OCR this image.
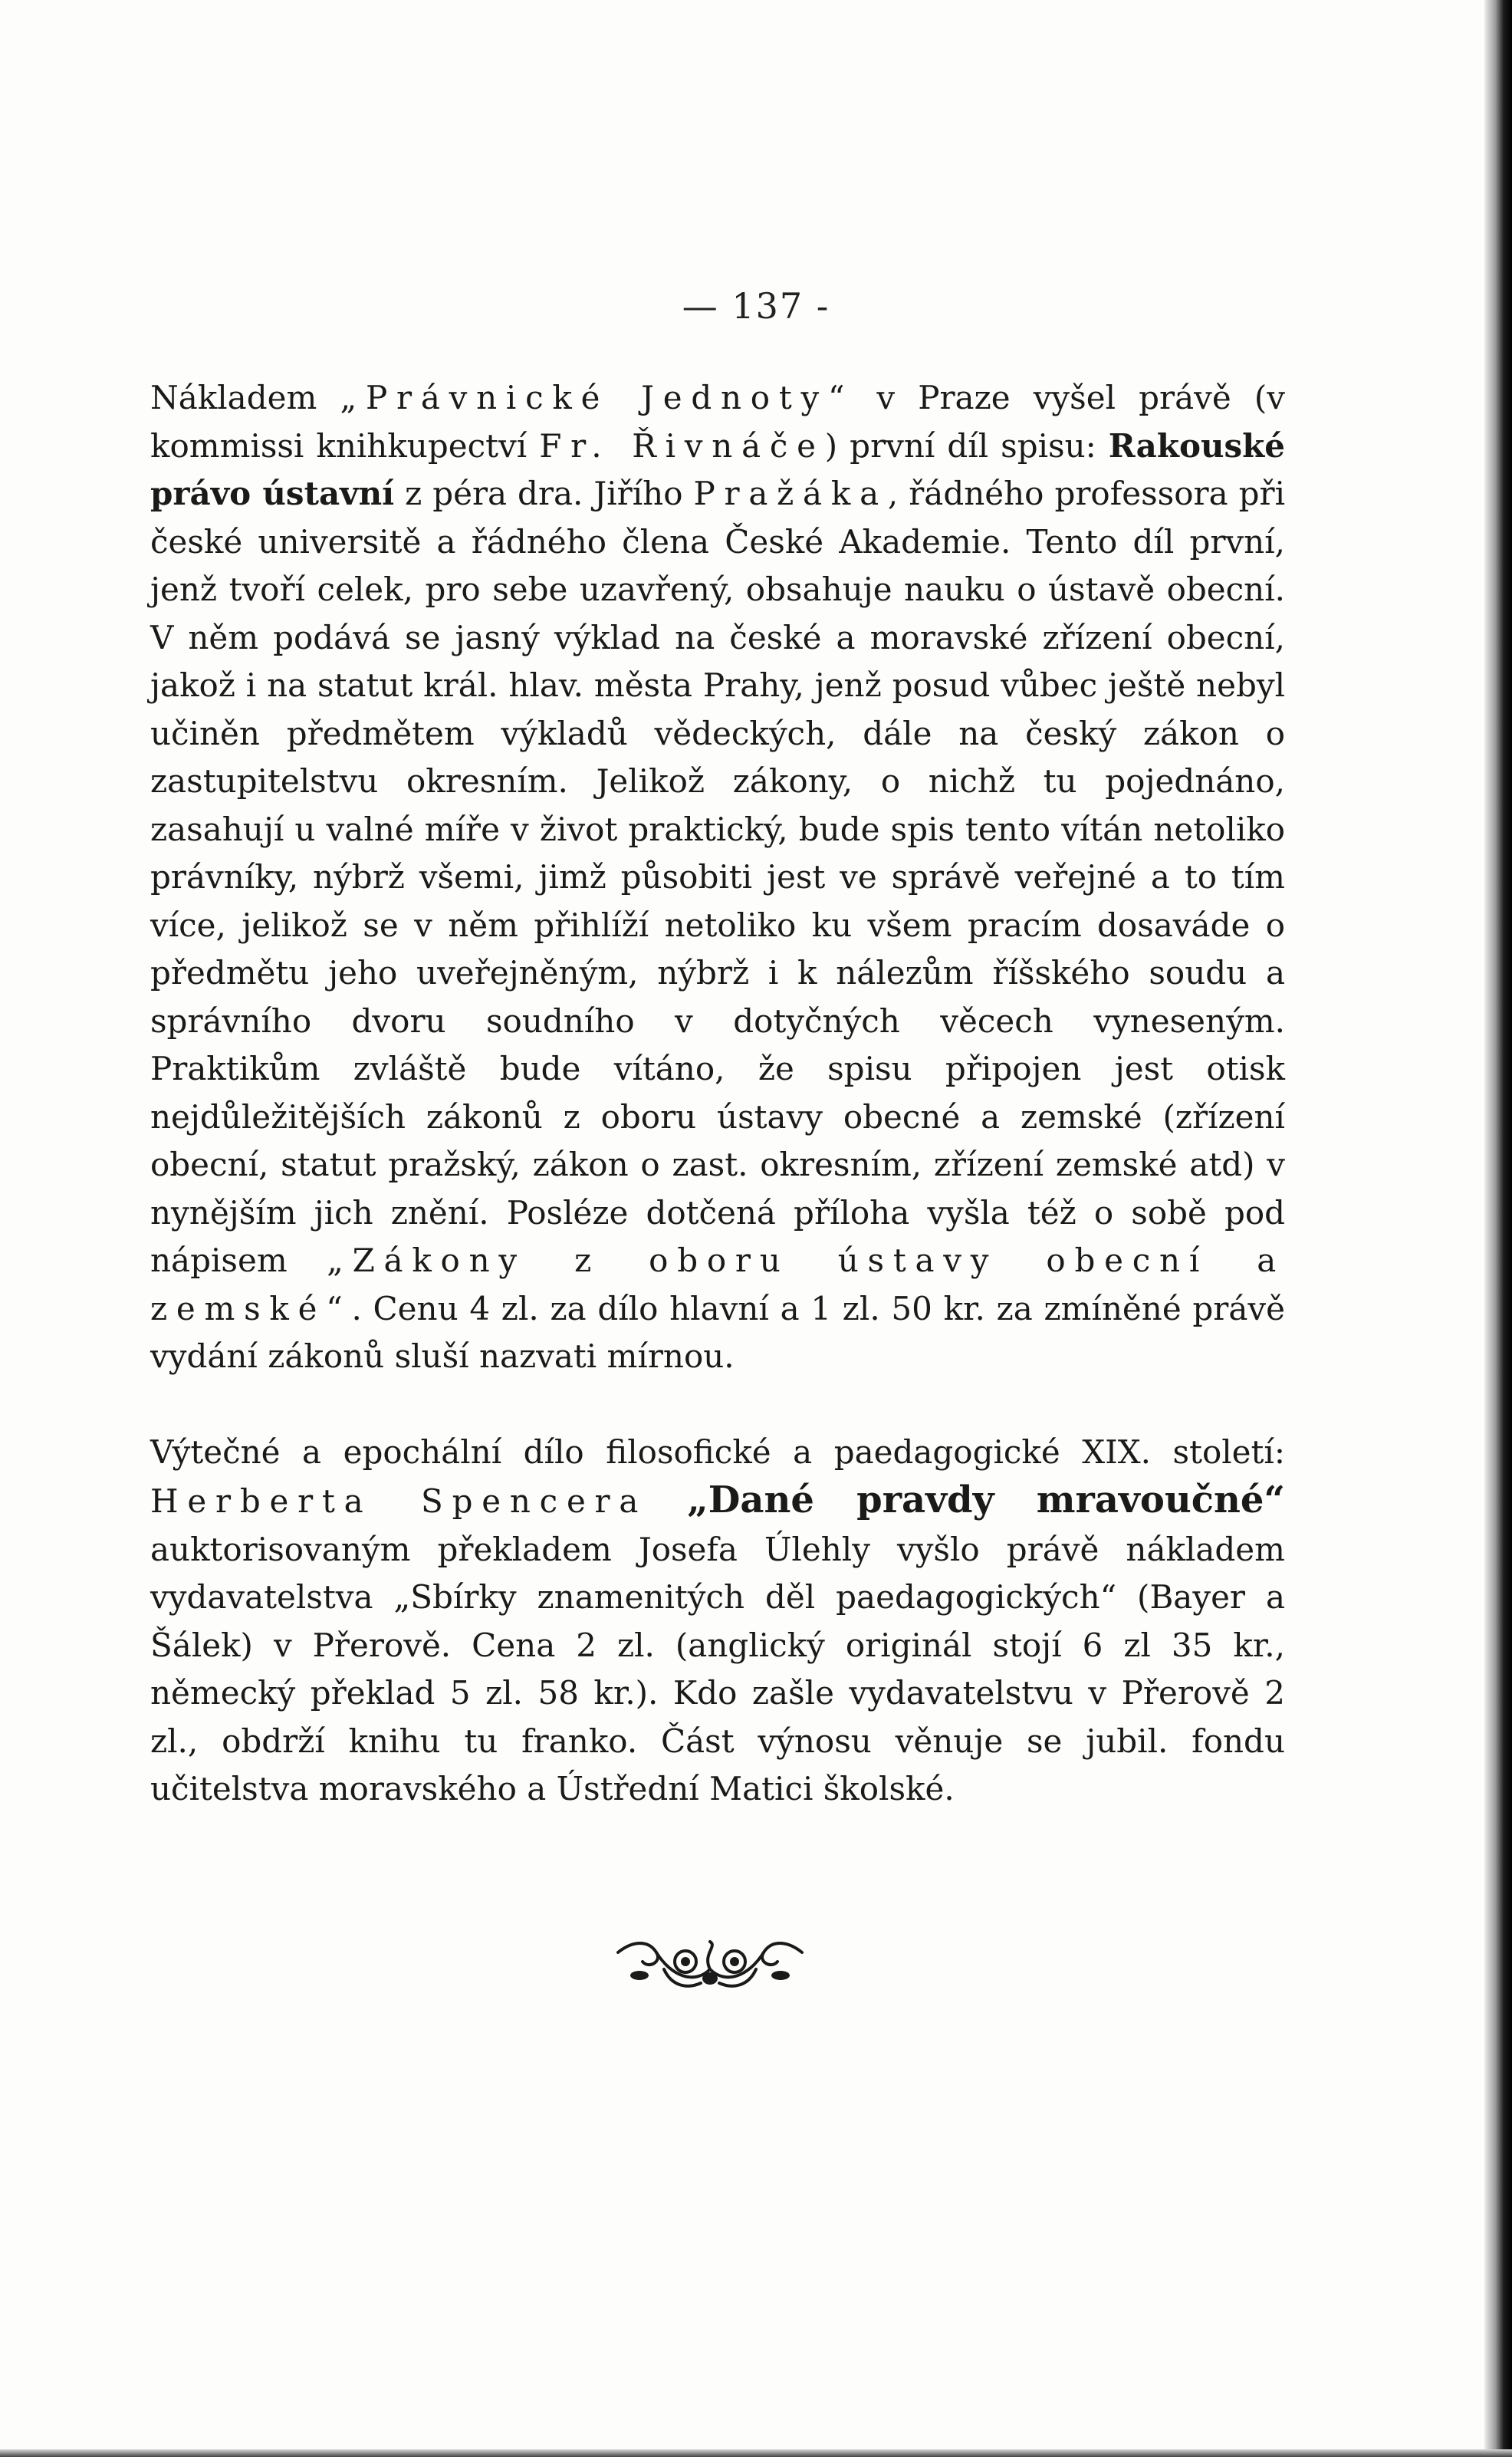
— 137 -

Nákladem „Právnické Jednoty“ v Praze vyšel právě (v kommissi knihkupectví Fr. Řivnáče) první díl spisu: Rakouské právo ústavní z péra dra. Jiřího Pražáka, řádného professora při české universitě a řádného člena České Akademie. Tento díl první, jenž tvoří celek, pro sebe uzavřený, obsahuje nauku o ústavě obecní. V něm podává se jasný výklad na české a moravské zřízení obecní, jakož i na statut král. hlav. města Prahy, jenž posud vůbec ještě nebyl učiněn předmětem výkladů vědeckých, dále na český zákon o zastupitelstvu okresním. Jelikož zákony, o nichž tu pojednáno, zasahují u valné míře v život praktický, bude spis tento vítán netoliko právníky, nýbrž všemi, jimž působiti jest ve správě veřejné a to tím více, jelikož se v něm přihlíží netoliko ku všem pracím dosavádе o předmětu jeho uveřejněným, nýbrž i k nálezům říšského soudu a správního dvoru soudního v dotyčných věcech vyneseným. Praktikům zvláště bude vítáno, že spisu připojen jest otisk nejdůležitějších zákonů z oboru ústavy obecné a zemské (zřízení obecní, statut pražský, zákon o zast. okresním, zřízení zemské atd) v nynějším jich znění. Posléze dotčená příloha vyšla též o sobě pod nápisem „Zákony z oboru ústavy obecní a zemské“. Cenu 4 zl. za dílo hlavní a 1 zl. 50 kr. za zmíněné právě vydání zákonů sluší nazvati mírnou.

Výtečné a epochální dílo filosofické a paedagogické XIX. století: Herberta Spencera „Dané pravdy mravoučné“ auktorisovaným překladem Josefa Úlehly vyšlo právě nákladem vydavatelstva „Sbírky znamenitých děl paedagogických“ (Bayer a Šálek) v Přerově. Cena 2 zl. (anglický originál stojí 6 zl 35 kr., německý překlad 5 zl. 58 kr.). Kdo zašle vydavatelstvu v Přerově 2 zl., obdrží knihu tu franko. Část výnosu věnuje se jubil. fondu učitelstva moravského a Ústřední Matici školské.
